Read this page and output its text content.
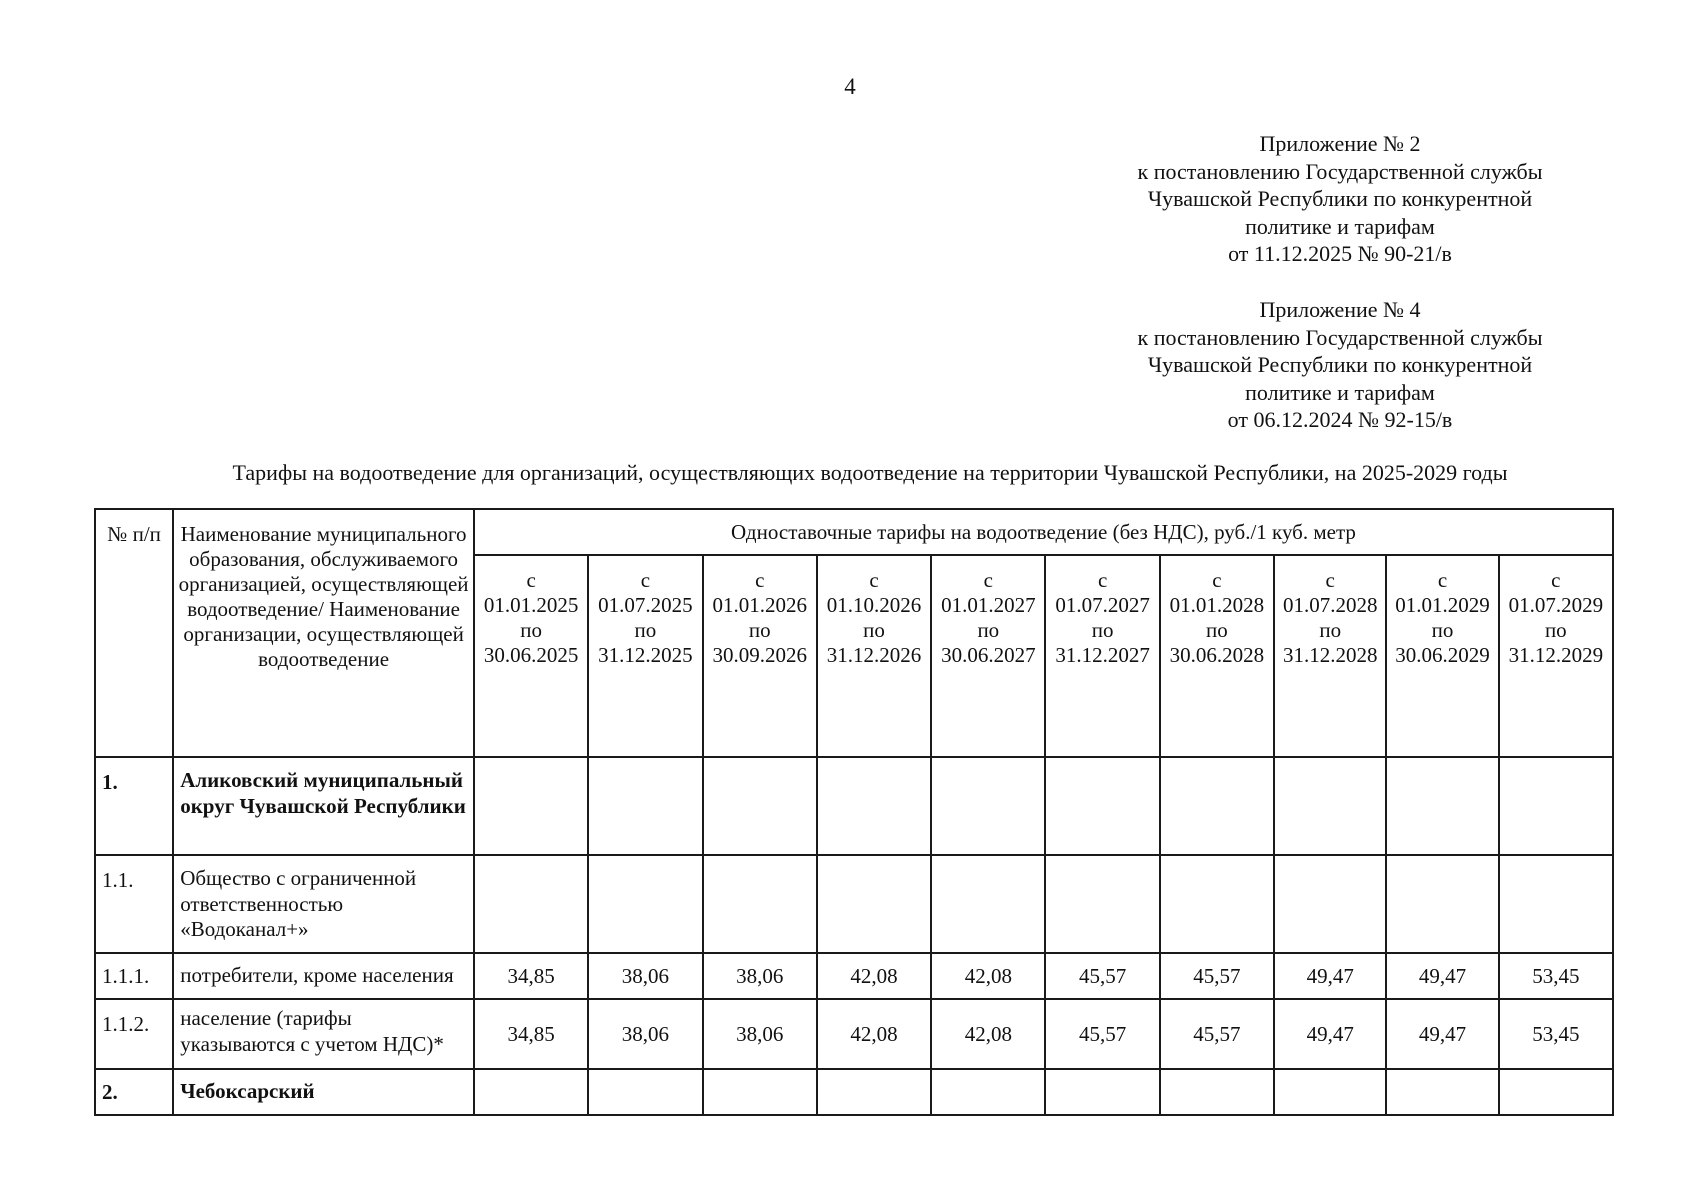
4
Приложение № 2
к постановлению Государственной службы
Чувашской Республики по конкурентной
политике и тарифам
от 11.12.2025 № 90-21/в
Приложение № 4
к постановлению Государственной службы
Чувашской Республики по конкурентной
политике и тарифам
от 06.12.2024 № 92-15/в
Тарифы на водоотведение для организаций, осуществляющих водоотведение на территории Чувашской Республики, на 2025-2029 годы
№ п/п	Наименование муниципального образования, обслуживаемого организацией, осуществляющей водоотведение/ Наименование организации, осуществляющей водоотведение	Одноставочные тарифы на водоотведение (без НДС), руб./1 куб. метр									

		с
01.01.2025
по
30.06.2025	с
01.07.2025
по
31.12.2025	с
01.01.2026
по
30.09.2026	с
01.10.2026
по
31.12.2026	с
01.01.2027
по
30.06.2027	с
01.07.2027
по
31.12.2027	с
01.01.2028
по
30.06.2028	с
01.07.2028
по
31.12.2028	с
01.01.2029
по
30.06.2029	с
01.07.2029
по
31.12.2029

1.	Аликовский муниципальный округ Чувашской Республики										
1.1.	Общество с ограниченной ответственностью «Водоканал+»										
1.1.1.	потребители, кроме населения	34,85	38,06	38,06	42,08	42,08	45,57	45,57	49,47	49,47	53,45
1.1.2.	население (тарифы указываются с учетом НДС)*	34,85	38,06	38,06	42,08	42,08	45,57	45,57	49,47	49,47	53,45
2.	Чебоксарский										
